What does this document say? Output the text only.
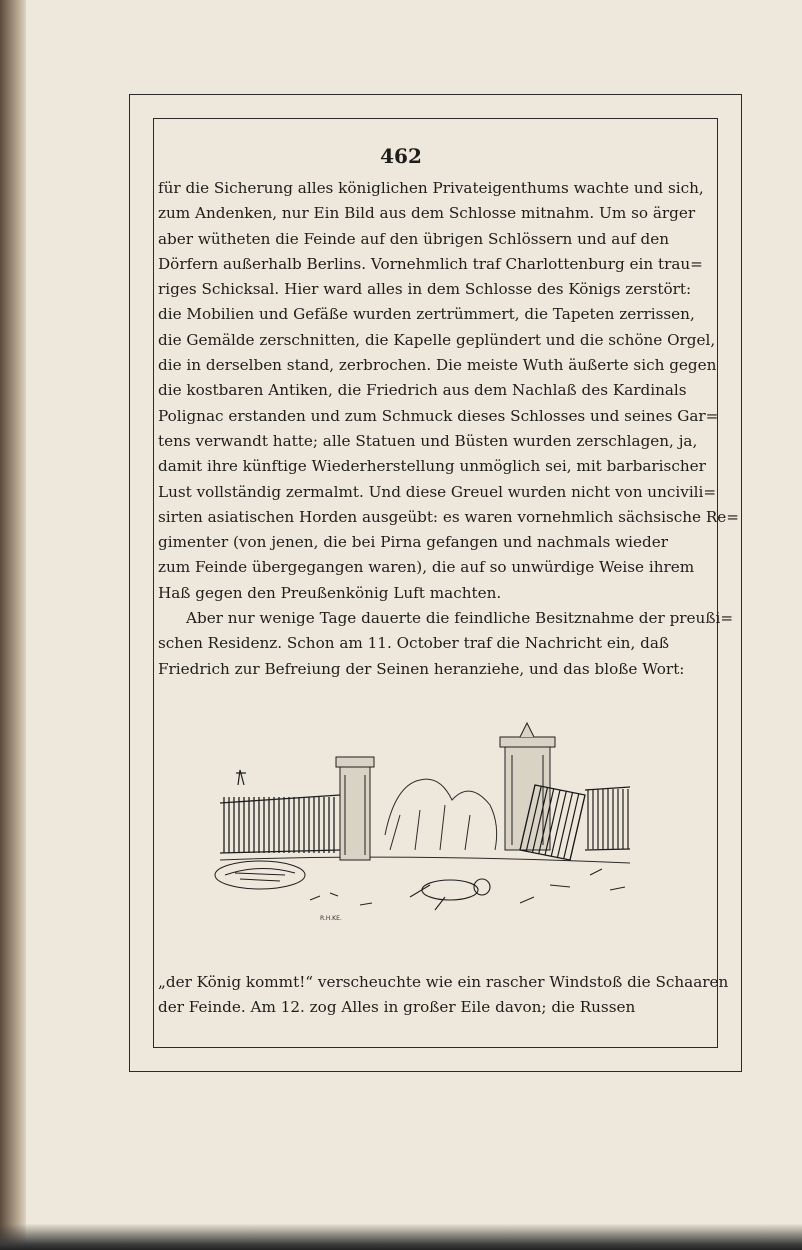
462
für die Sicherung alles königlichen Privateigenthums wachte und sich,
zum Andenken, nur Ein Bild aus dem Schlosse mitnahm. Um so ärger
aber wütheten die Feinde auf den übrigen Schlössern und auf den
Dörfern außerhalb Berlins. Vornehmlich traf Charlottenburg ein trau=
riges Schicksal. Hier ward alles in dem Schlosse des Königs zerstört:
die Mobilien und Gefäße wurden zertrümmert, die Tapeten zerrissen,
die Gemälde zerschnitten, die Kapelle geplündert und die schöne Orgel,
die in derselben stand, zerbrochen. Die meiste Wuth äußerte sich gegen
die kostbaren Antiken, die Friedrich aus dem Nachlaß des Kardinals
Polignac erstanden und zum Schmuck dieses Schlosses und seines Gar=
tens verwandt hatte; alle Statuen und Büsten wurden zerschlagen, ja,
damit ihre künftige Wiederherstellung unmöglich sei, mit barbarischer
Lust vollständig zermalmt. Und diese Greuel wurden nicht von uncivili=
sirten asiatischen Horden ausgeübt: es waren vornehmlich sächsische Re=
gimenter (von jenen, die bei Pirna gefangen und nachmals wieder
zum Feinde übergegangen waren), die auf so unwürdige Weise ihrem
Haß gegen den Preußenkönig Luft machten.
Aber nur wenige Tage dauerte die feindliche Besitznahme der preußi=
schen Residenz. Schon am 11. October traf die Nachricht ein, daß
Friedrich zur Befreiung der Seinen heranziehe, und das bloße Wort:
R.H.KE.
„der König kommt!“ verscheuchte wie ein rascher Windstoß die Schaaren
der Feinde. Am 12. zog Alles in großer Eile davon; die Russen
